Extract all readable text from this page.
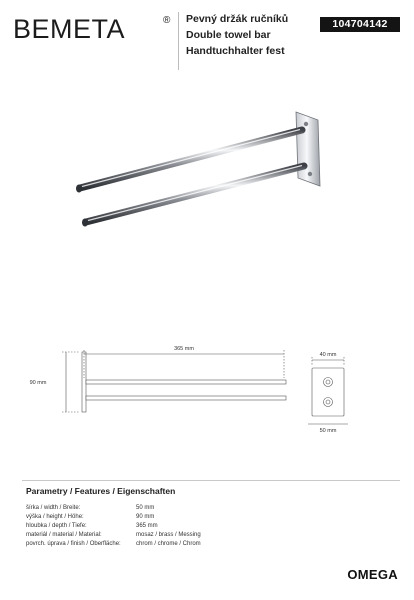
BEMETA	® Pevný držák ručníků
Double towel bar
Handtuchhalter fest
104704142
365 mm
90 mm
40 mm
50 mm
Parametry / Features / Eigenschaften
šírka / width / Breite:	50 mm
výška / height / Höhe:	90 mm
hloubka / depth / Tiefe:	365 mm
materiál / material / Material:	mosaz / brass / Messing
povrch. úprava / finish / Oberfläche:	chrom / chrome / Chrom
OMEGA
